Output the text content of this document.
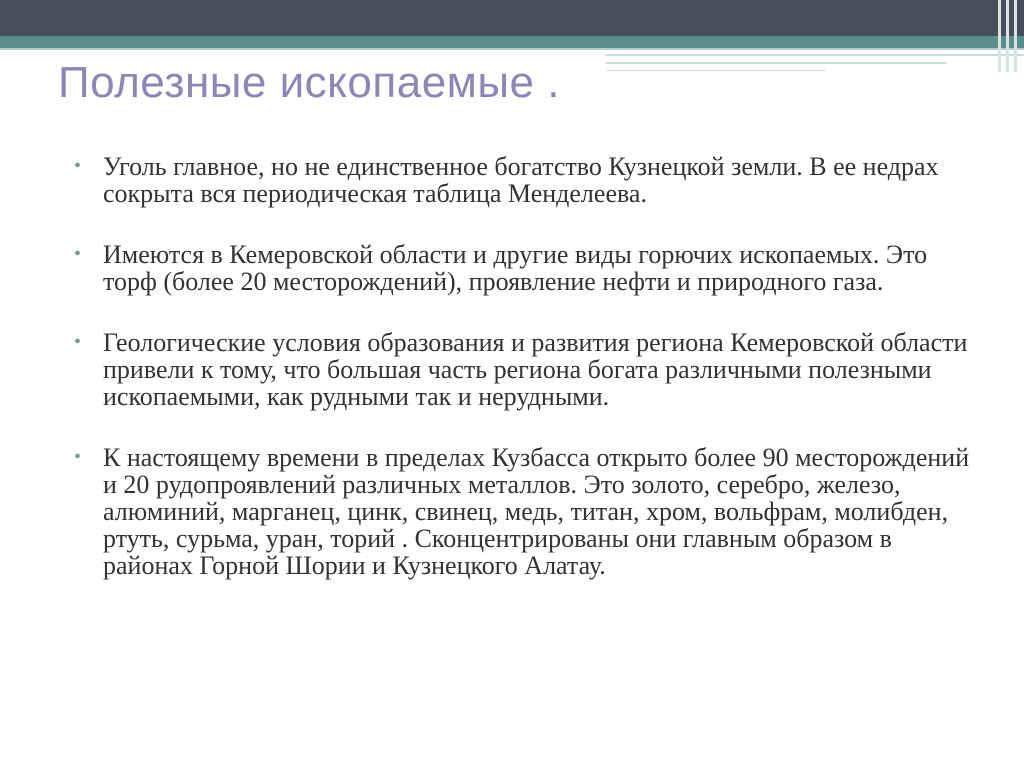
Полезные ископаемые .
• Уголь главное, но не единственное богатство Кузнецкой земли. В ее недрах сокрыта вся периодическая таблица Менделеева.
• Имеются в Кемеровской области и другие виды горючих ископаемых. Это торф (более 20 месторождений), проявление нефти и природного газа.
• Геологические условия образования и развития региона Кемеровской области привели к тому, что большая часть региона богата различными полезными ископаемыми, как рудными так и нерудными.
• К настоящему времени в пределах Кузбасса открыто более 90 месторождений и 20 рудопроявлений различных металлов. Это золото, серебро, железо, алюминий, марганец, цинк, свинец, медь, титан, хром, вольфрам, молибден, ртуть, сурьма, уран, торий . Сконцентрированы они главным образом в районах Горной Шории и Кузнецкого Алатау.
